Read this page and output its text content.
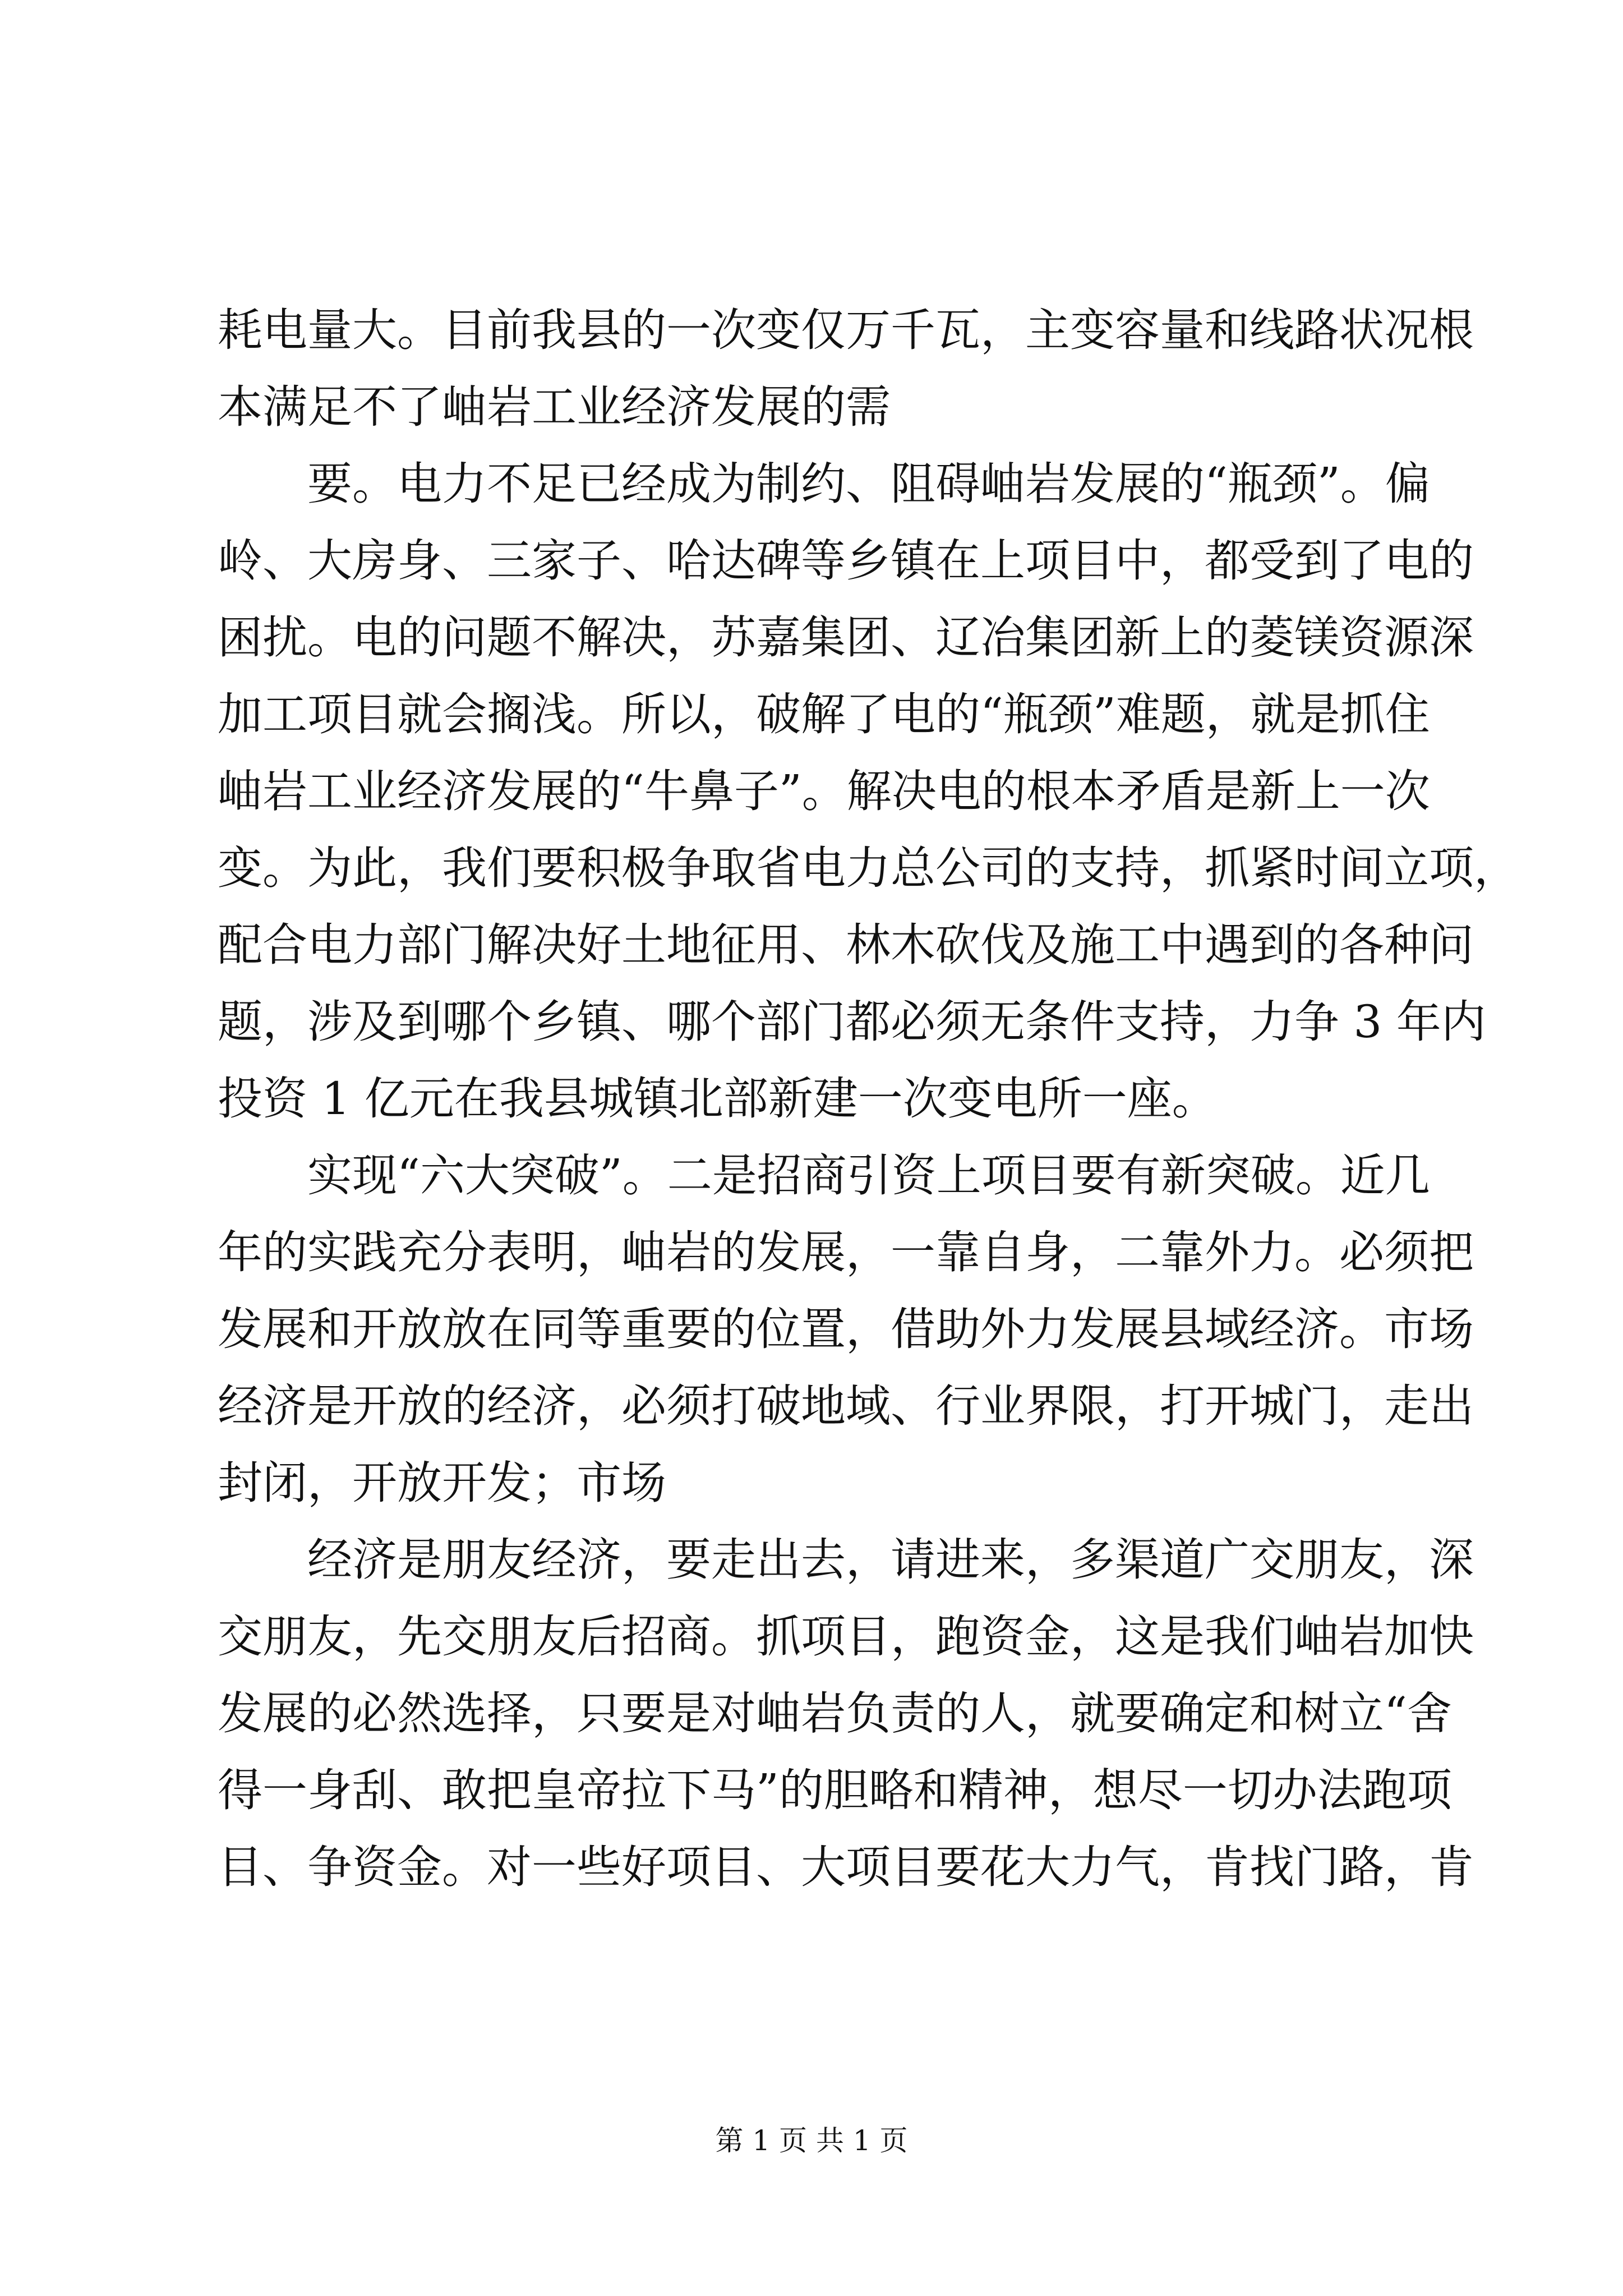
耗电量大。目前我县的一次变仅万千瓦，主变容量和线路状况根
本满足不了岫岩工业经济发展的需
要。电力不足已经成为制约、阻碍岫岩发展的“瓶颈”。偏
岭、大房身、三家子、哈达碑等乡镇在上项目中，都受到了电的
困扰。电的问题不解决，苏嘉集团、辽冶集团新上的菱镁资源深
加工项目就会搁浅。所以，破解了电的“瓶颈”难题，就是抓住
岫岩工业经济发展的“牛鼻子”。解决电的根本矛盾是新上一次
变。为此，我们要积极争取省电力总公司的支持，抓紧时间立项，
配合电力部门解决好土地征用、林木砍伐及施工中遇到的各种问
题，涉及到哪个乡镇、哪个部门都必须无条件支持，力争 3 年内
投资 1 亿元在我县城镇北部新建一次变电所一座。
实现“六大突破”。二是招商引资上项目要有新突破。近几
年的实践充分表明，岫岩的发展，一靠自身，二靠外力。必须把
发展和开放放在同等重要的位置，借助外力发展县域经济。市场
经济是开放的经济，必须打破地域、行业界限，打开城门，走出
封闭，开放开发；市场
经济是朋友经济，要走出去，请进来，多渠道广交朋友，深
交朋友，先交朋友后招商。抓项目，跑资金，这是我们岫岩加快
发展的必然选择，只要是对岫岩负责的人，就要确定和树立“舍
得一身刮、敢把皇帝拉下马”的胆略和精神，想尽一切办法跑项
目、争资金。对一些好项目、大项目要花大力气，肯找门路，肯
第 1 页 共 1 页
